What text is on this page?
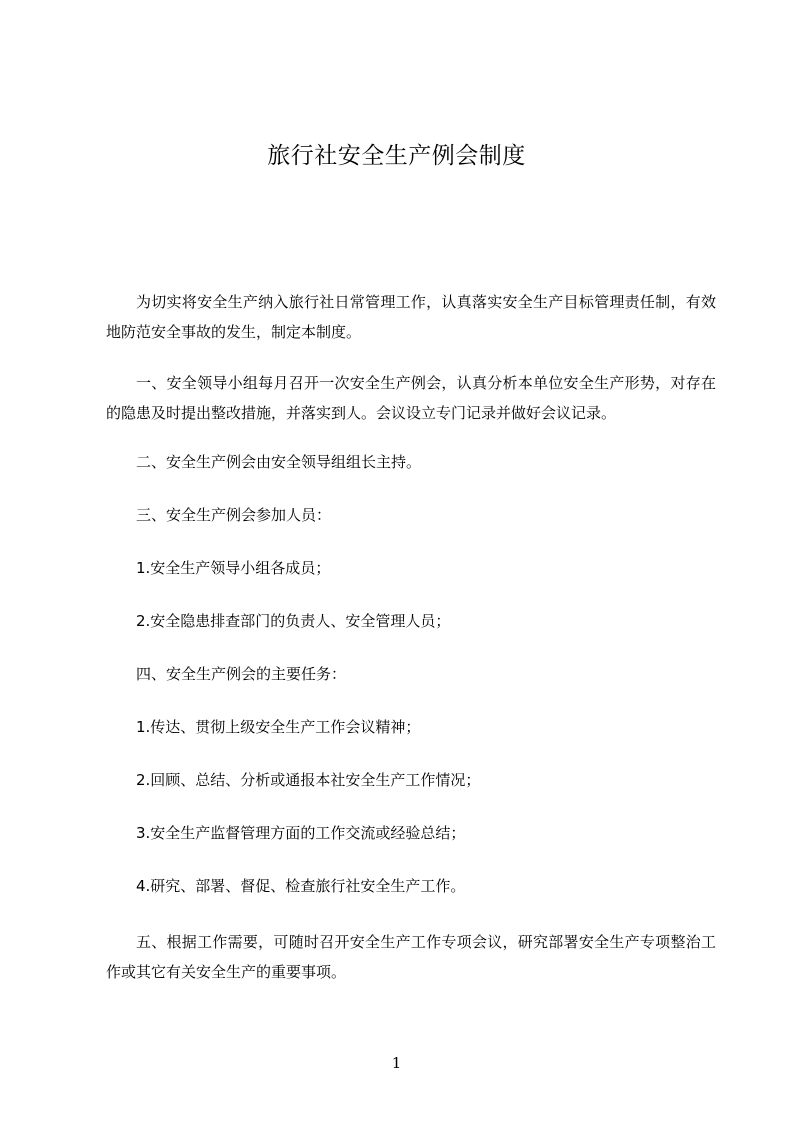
旅行社安全生产例会制度

为切实将安全生产纳入旅行社日常管理工作，认真落实安全生产目标管理责任制，有效地防范安全事故的发生，制定本制度。

一、安全领导小组每月召开一次安全生产例会，认真分析本单位安全生产形势，对存在的隐患及时提出整改措施，并落实到人。会议设立专门记录并做好会议记录。

二、安全生产例会由安全领导组组长主持。

三、安全生产例会参加人员：

1.安全生产领导小组各成员；

2.安全隐患排查部门的负责人、安全管理人员；

四、安全生产例会的主要任务：

1.传达、贯彻上级安全生产工作会议精神；

2.回顾、总结、分析或通报本社安全生产工作情况；

3.安全生产监督管理方面的工作交流或经验总结；

4.研究、部署、督促、检查旅行社安全生产工作。

五、根据工作需要，可随时召开安全生产工作专项会议，研究部署安全生产专项整治工作或其它有关安全生产的重要事项。

1
